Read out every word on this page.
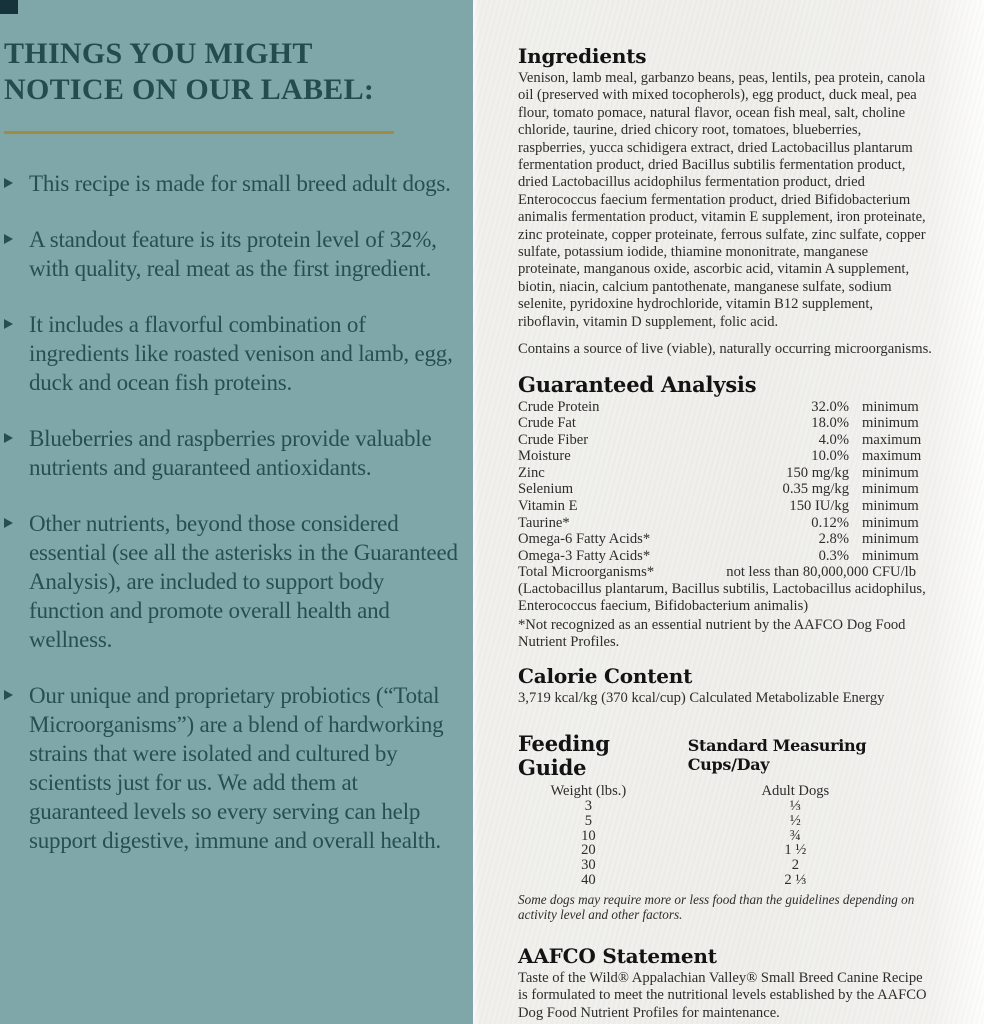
THINGS YOU MIGHT
NOTICE ON OUR LABEL:
This recipe is made for small breed adult dogs.
A standout feature is its protein level of 32%, with quality, real meat as the first ingredient.
It includes a flavorful combination of ingredients like roasted venison and lamb, egg, duck and ocean fish proteins.
Blueberries and raspberries provide valuable nutrients and guaranteed antioxidants.
Other nutrients, beyond those considered essential (see all the asterisks in the Guaranteed Analysis), are included to support body function and promote overall health and wellness.
Our unique and proprietary probiotics (“Total Microorganisms”) are a blend of hardworking strains that were isolated and cultured by scientists just for us. We add them at guaranteed levels so every serving can help support digestive, immune and overall health.
Ingredients

Venison, lamb meal, garbanzo beans, peas, lentils, pea protein, canola oil (preserved with mixed tocopherols), egg product, duck meal, pea flour, tomato pomace, natural flavor, ocean fish meal, salt, choline chloride, taurine, dried chicory root, tomatoes, blueberries, raspberries, yucca schidigera extract, dried Lactobacillus plantarum fermentation product, dried Bacillus subtilis fermentation product, dried Lactobacillus acidophilus fermentation product, dried Enterococcus faecium fermentation product, dried Bifidobacterium animalis fermentation product, vitamin E supplement, iron proteinate, zinc proteinate, copper proteinate, ferrous sulfate, zinc sulfate, copper sulfate, potassium iodide, thiamine mononitrate, manganese proteinate, manganous oxide, ascorbic acid, vitamin A supplement, biotin, niacin, calcium pantothenate, manganese sulfate, sodium selenite, pyridoxine hydrochloride, vitamin B12 supplement, riboflavin, vitamin D supplement, folic acid.

Contains a source of live (viable), naturally occurring microorganisms.

Guaranteed Analysis
Crude Protein	32.0% minimum
Crude Fat	18.0% minimum
Crude Fiber	4.0% maximum
Moisture	10.0% maximum
Zinc	150 mg/kg minimum
Selenium	0.35 mg/kg minimum
Vitamin E	150 IU/kg minimum
Taurine*	0.12% minimum
Omega-6 Fatty Acids*	2.8% minimum
Omega-3 Fatty Acids*	0.3% minimum
Total Microorganisms*	not less than 80,000,000 CFU/lb

(Lactobacillus plantarum, Bacillus subtilis, Lactobacillus acidophilus, Enterococcus faecium, Bifidobacterium animalis)

*Not recognized as an essential nutrient by the AAFCO Dog Food Nutrient Profiles.

Calorie Content

3,719 kcal/kg (370 kcal/cup) Calculated Metabolizable Energy

Feeding Guide
Standard Measuring Cups/Day
Weight (lbs.)	Adult Dogs
3	⅓
5	½
10	¾
20	1 ½
30	2
40	2 ⅓

Some dogs may require more or less food than the guidelines depending on activity level and other factors.

AAFCO Statement

Taste of the Wild® Appalachian Valley® Small Breed Canine Recipe is formulated to meet the nutritional levels established by the AAFCO Dog Food Nutrient Profiles for maintenance.
